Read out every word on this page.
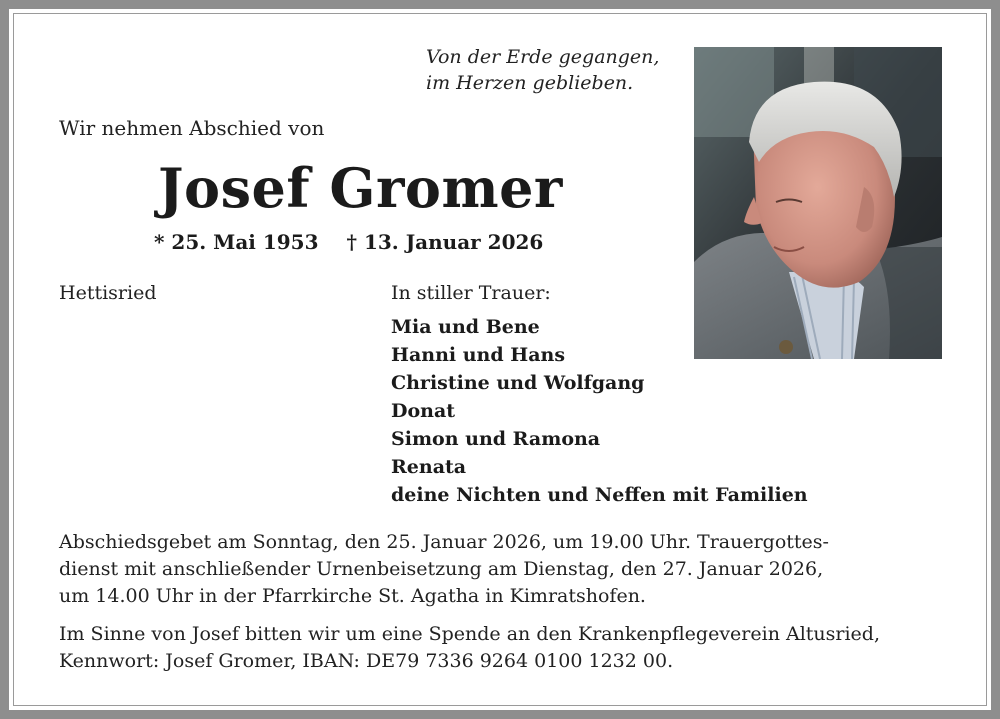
Von der Erde gegangen,
im Herzen geblieben.
Wir nehmen Abschied von
Josef Gromer
* 25. Mai 1953 † 13. Januar 2026
Hettisried	In stiller Trauer:
Mia und Bene
Hanni und Hans
Christine und Wolfgang
Donat
Simon und Ramona
Renata
deine Nichten und Neffen mit Familien
Abschiedsgebet am Sonntag, den 25. Januar 2026, um 19.00 Uhr. Trauergottes-
dienst mit anschließender Urnenbeisetzung am Dienstag, den 27. Januar 2026,
um 14.00 Uhr in der Pfarrkirche St. Agatha in Kimratshofen.
Im Sinne von Josef bitten wir um eine Spende an den Krankenpflegeverein Altusried,
Kennwort: Josef Gromer, IBAN: DE79 7336 9264 0100 1232 00.
